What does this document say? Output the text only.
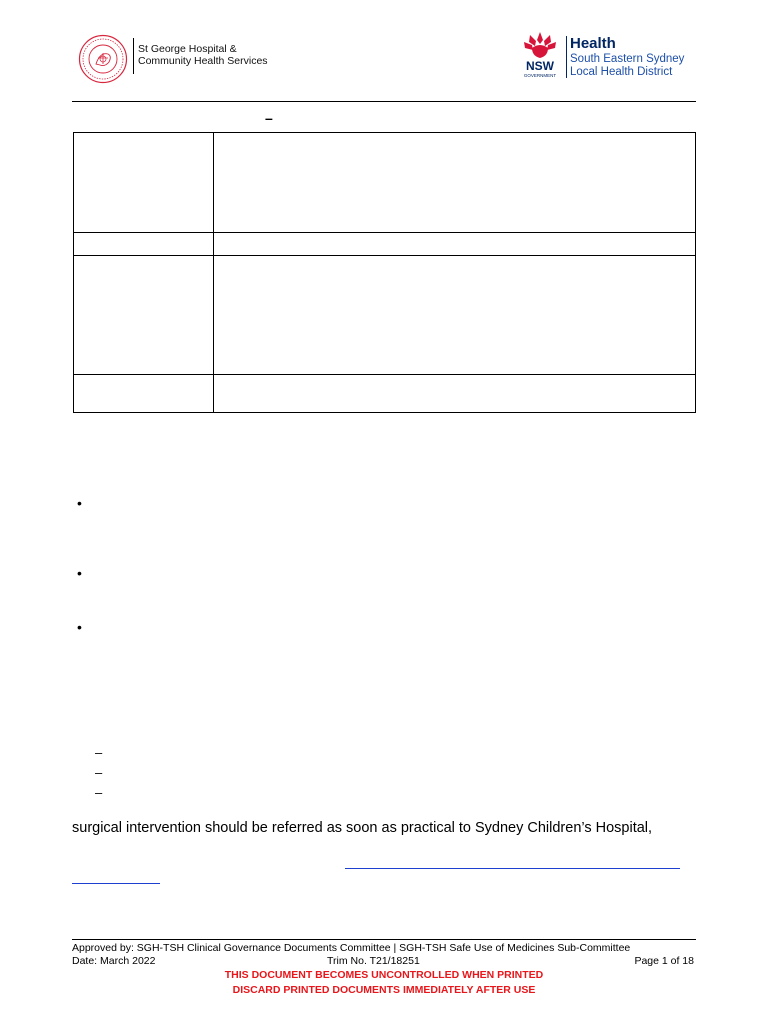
St George Hospital &
Community Health Services	NSW
GOVERNMENT
Health
South Eastern Sydney
Local Health District
–

•
•
•
–
–
–
surgical intervention should be referred as soon as practical to Sydney Children’s Hospital,
Approved by: SGH-TSH Clinical Governance Documents Committee | SGH-TSH Safe Use of Medicines Sub-Committee
Date: March 2022	Trim No. T21/18251	Page 1 of 18
THIS DOCUMENT BECOMES UNCONTROLLED WHEN PRINTED
DISCARD PRINTED DOCUMENTS IMMEDIATELY AFTER USE
